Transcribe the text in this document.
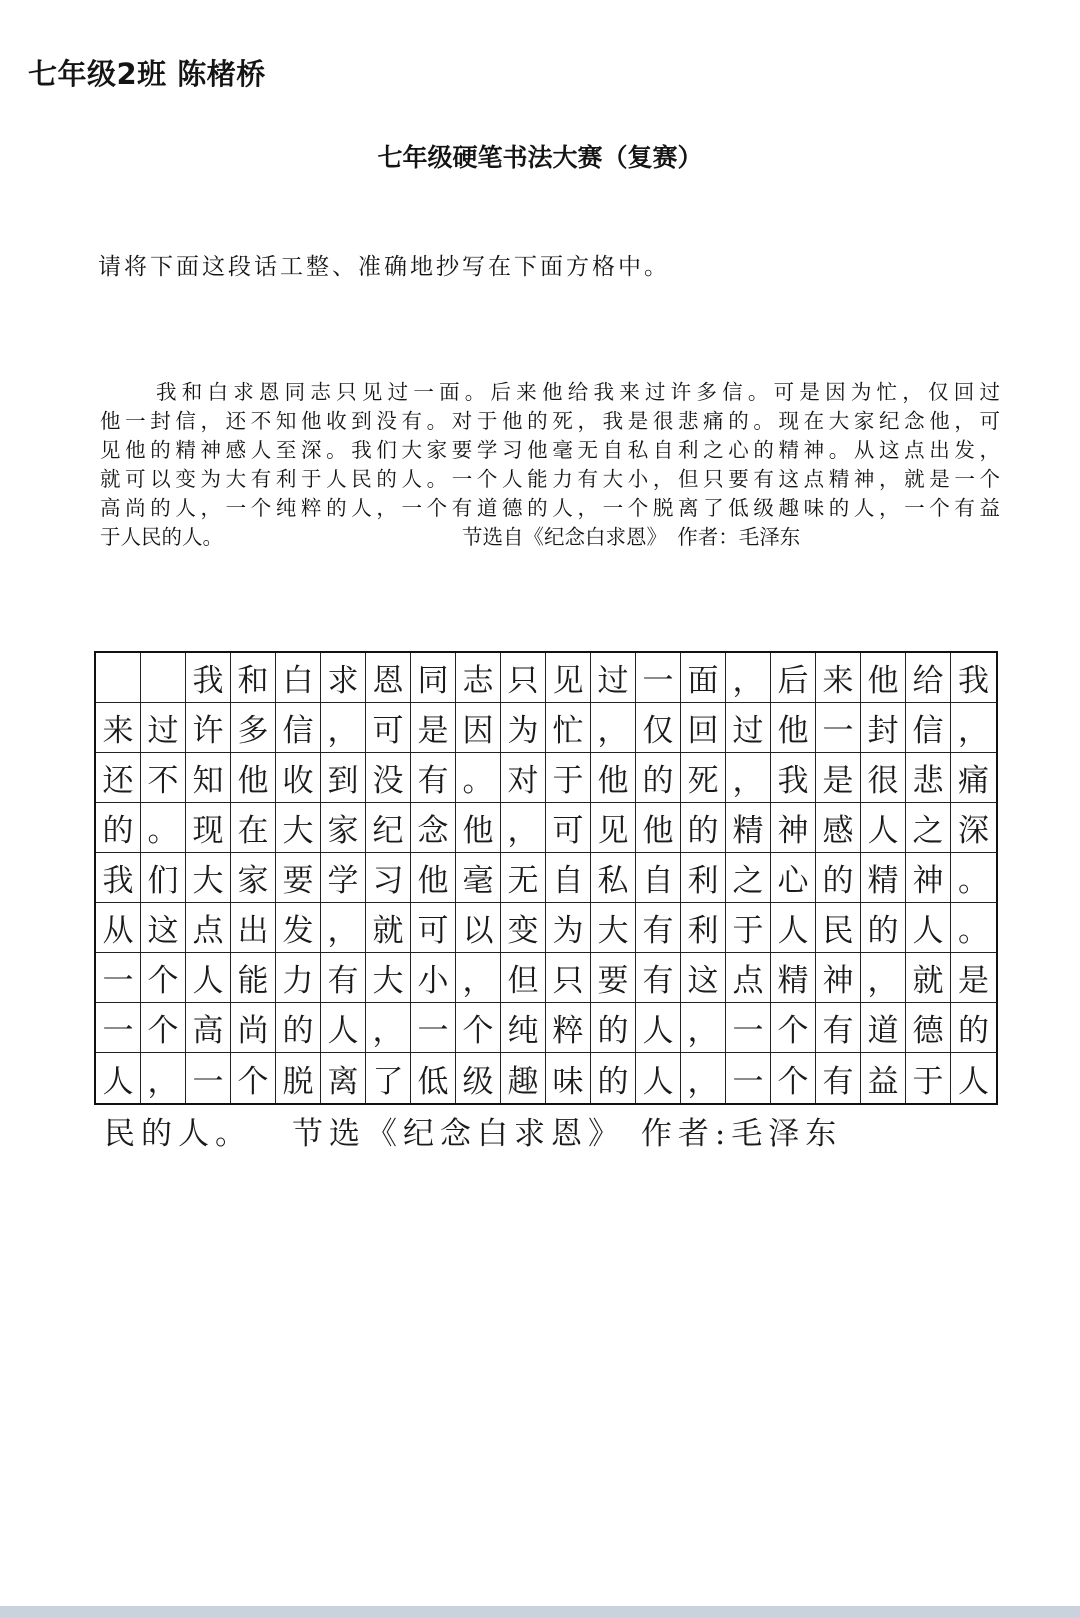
七年级2班 陈楮桥
七年级硬笔书法大赛（复赛）
请将下面这段话工整、准确地抄写在下面方格中。
我和白求恩同志只见过一面。后来他给我来过许多信。可是因为忙，仅回过
他一封信，还不知他收到没有。对于他的死，我是很悲痛的。现在大家纪念他，可
见他的精神感人至深。我们大家要学习他毫无自私自利之心的精神。从这点出发，
就可以变为大有利于人民的人。一个人能力有大小，但只要有这点精神，就是一个
高尚的人，一个纯粹的人，一个有道德的人，一个脱离了低级趣味的人，一个有益
于人民的人。	节选自《纪念白求恩》　作者：毛泽东
我 和 白 求 恩 同 志 只 见 过 一 面 ， 后 来 他 给 我
来 过 许 多 信 ， 可 是 因 为 忙 ， 仅 回 过 他 一 封 信 ，
还 不 知 他 收 到 没 有 。 对 于 他 的 死 ， 我 是 很 悲 痛
的 。 现 在 大 家 纪 念 他 ， 可 见 他 的 精 神 感 人 之 深
我 们 大 家 要 学 习 他 毫 无 自 私 自 利 之 心 的 精 神 。
从 这 点 出 发 ， 就 可 以 变 为 大 有 利 于 人 民 的 人 。
一 个 人 能 力 有 大 小 ， 但 只 要 有 这 点 精 神 ， 就 是
一 个 高 尚 的 人 ， 一 个 纯 粹 的 人 ， 一 个 有 道 德 的
人 ， 一 个 脱 离 了 低 级 趣 味 的 人 ， 一 个 有 益 于 人
民的人。 节选《纪念白求恩》 作者:毛泽东
